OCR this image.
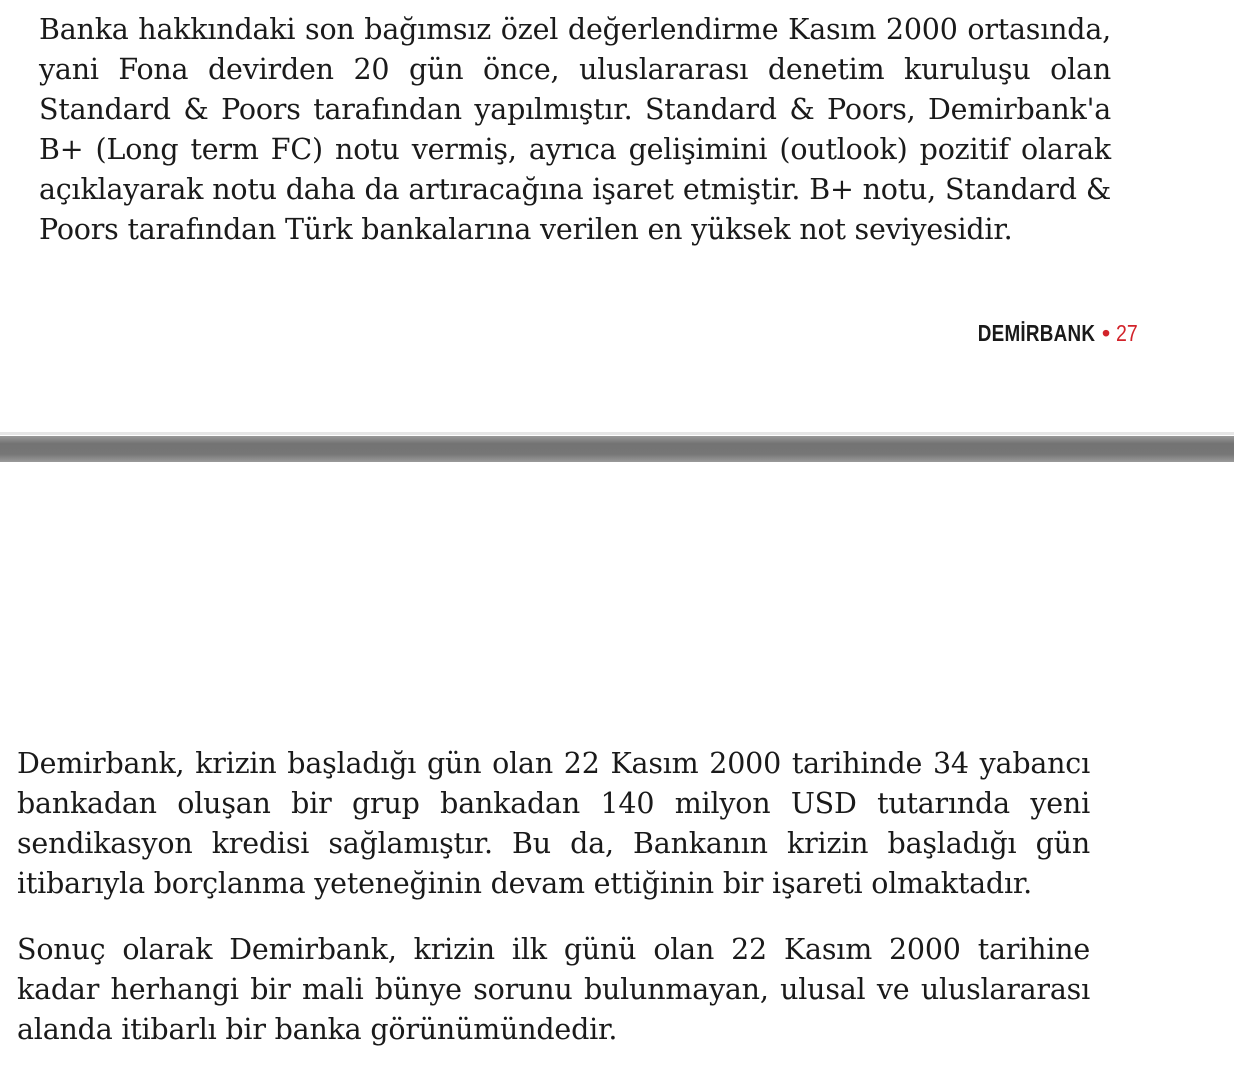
Banka hakkındaki son bağımsız özel değerlendirme Kasım 2000 ortasında, yani Fona devirden 20 gün önce, uluslararası denetim kuruluşu olan Standard & Poors tarafından yapılmıştır. Standard & Poors, Demirbank'a B+ (Long term FC) notu vermiş, ayrıca gelişimini (outlook) pozitif olarak açıklayarak notu daha da artıracağına işaret etmiştir. B+ notu, Standard & Poors tarafından Türk bankalarına verilen en yüksek not seviyesidir.

DEMİRBANK • 27

Demirbank, krizin başladığı gün olan 22 Kasım 2000 tarihinde 34 yabancı bankadan oluşan bir grup bankadan 140 milyon USD tutarında yeni sendikasyon kredisi sağlamıştır. Bu da, Bankanın krizin başladığı gün itibarıyla borçlanma yeteneğinin devam ettiğinin bir işareti olmaktadır.

Sonuç olarak Demirbank, krizin ilk günü olan 22 Kasım 2000 tarihine kadar herhangi bir mali bünye sorunu bulunmayan, ulusal ve uluslararası alanda itibarlı bir banka görünümündedir.
